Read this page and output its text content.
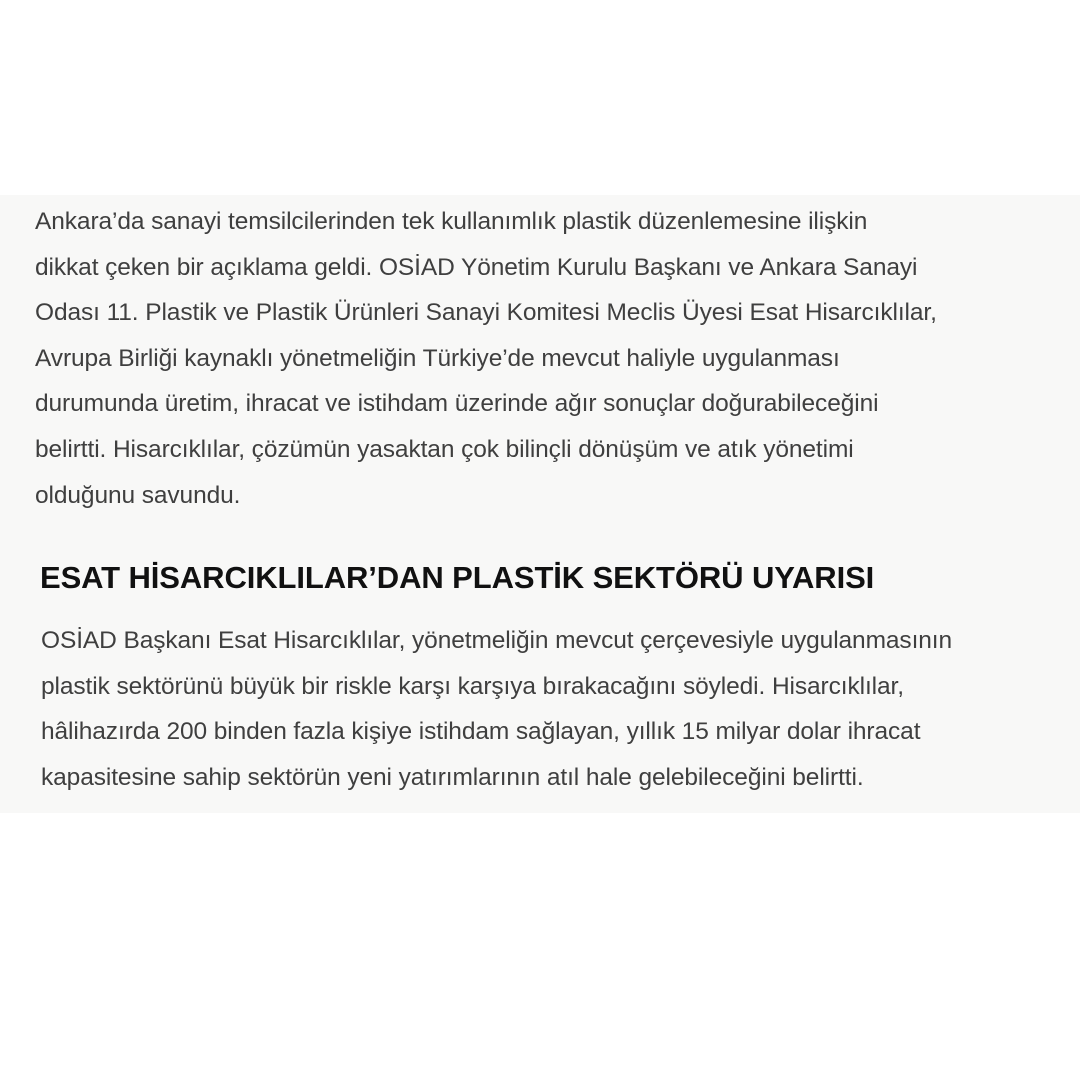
Ankara’da sanayi temsilcilerinden tek kullanımlık plastik düzenlemesine ilişkin
dikkat çeken bir açıklama geldi. OSİAD Yönetim Kurulu Başkanı ve Ankara Sanayi
Odası 11. Plastik ve Plastik Ürünleri Sanayi Komitesi Meclis Üyesi Esat Hisarcıklılar,
Avrupa Birliği kaynaklı yönetmeliğin Türkiye’de mevcut haliyle uygulanması
durumunda üretim, ihracat ve istihdam üzerinde ağır sonuçlar doğurabileceğini
belirtti. Hisarcıklılar, çözümün yasaktan çok bilinçli dönüşüm ve atık yönetimi
olduğunu savundu.

ESAT HİSARCIKLILAR’DAN PLASTİK SEKTÖRÜ UYARISI

OSİAD Başkanı Esat Hisarcıklılar, yönetmeliğin mevcut çerçevesiyle uygulanmasının
plastik sektörünü büyük bir riskle karşı karşıya bırakacağını söyledi. Hisarcıklılar,
hâlihazırda 200 binden fazla kişiye istihdam sağlayan, yıllık 15 milyar dolar ihracat
kapasitesine sahip sektörün yeni yatırımlarının atıl hale gelebileceğini belirtti.
